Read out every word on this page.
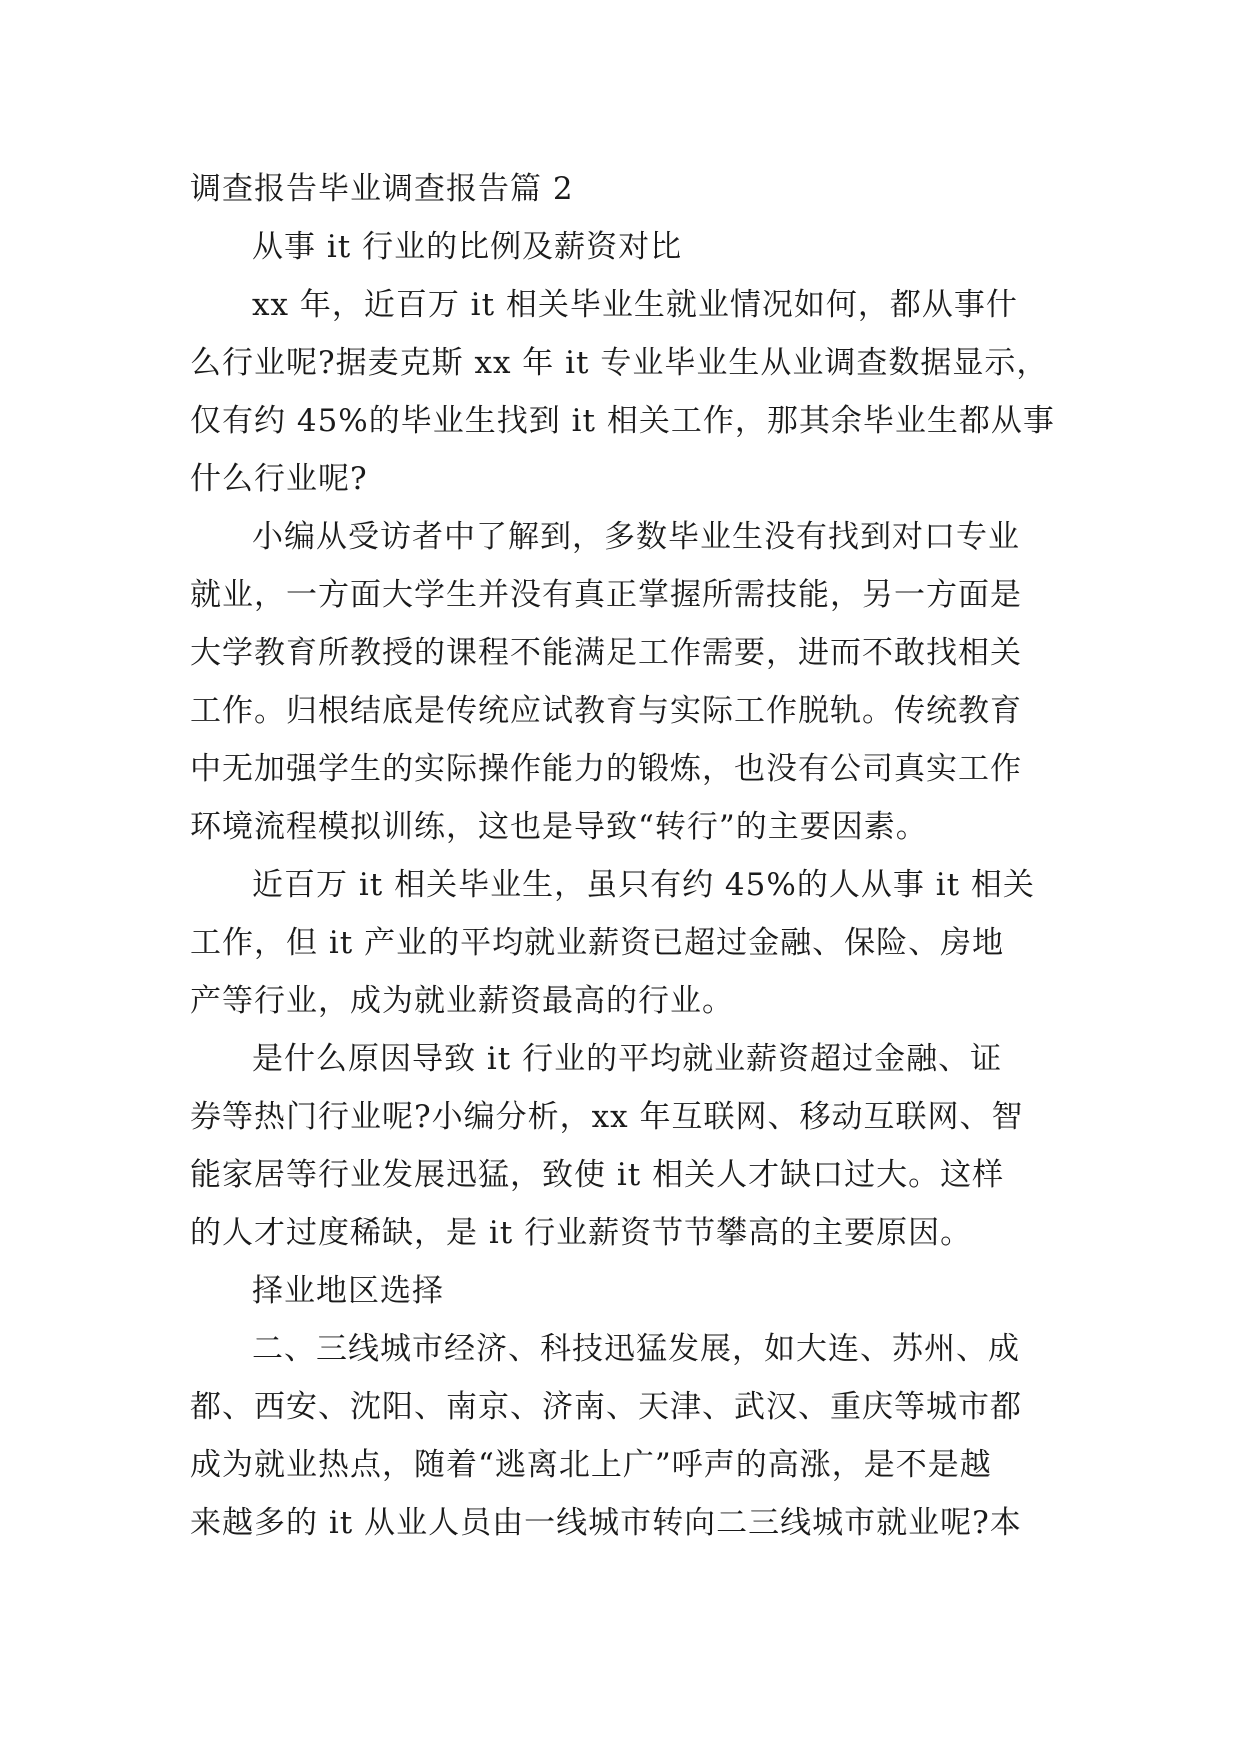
调查报告毕业调查报告篇 2
从事 it 行业的比例及薪资对比
xx 年，近百万 it 相关毕业生就业情况如何，都从事什
么行业呢?据麦克斯 xx 年 it 专业毕业生从业调查数据显示，
仅有约 45%的毕业生找到 it 相关工作，那其余毕业生都从事
什么行业呢?
小编从受访者中了解到，多数毕业生没有找到对口专业
就业，一方面大学生并没有真正掌握所需技能，另一方面是
大学教育所教授的课程不能满足工作需要，进而不敢找相关
工作。归根结底是传统应试教育与实际工作脱轨。传统教育
中无加强学生的实际操作能力的锻炼，也没有公司真实工作
环境流程模拟训练，这也是导致“转行”的主要因素。
近百万 it 相关毕业生，虽只有约 45%的人从事 it 相关
工作，但 it 产业的平均就业薪资已超过金融、保险、房地
产等行业，成为就业薪资最高的行业。
是什么原因导致 it 行业的平均就业薪资超过金融、证
券等热门行业呢?小编分析，xx 年互联网、移动互联网、智
能家居等行业发展迅猛，致使 it 相关人才缺口过大。这样
的人才过度稀缺，是 it 行业薪资节节攀高的主要原因。
择业地区选择
二、三线城市经济、科技迅猛发展，如大连、苏州、成
都、西安、沈阳、南京、济南、天津、武汉、重庆等城市都
成为就业热点，随着“逃离北上广”呼声的高涨，是不是越
来越多的 it 从业人员由一线城市转向二三线城市就业呢?本
